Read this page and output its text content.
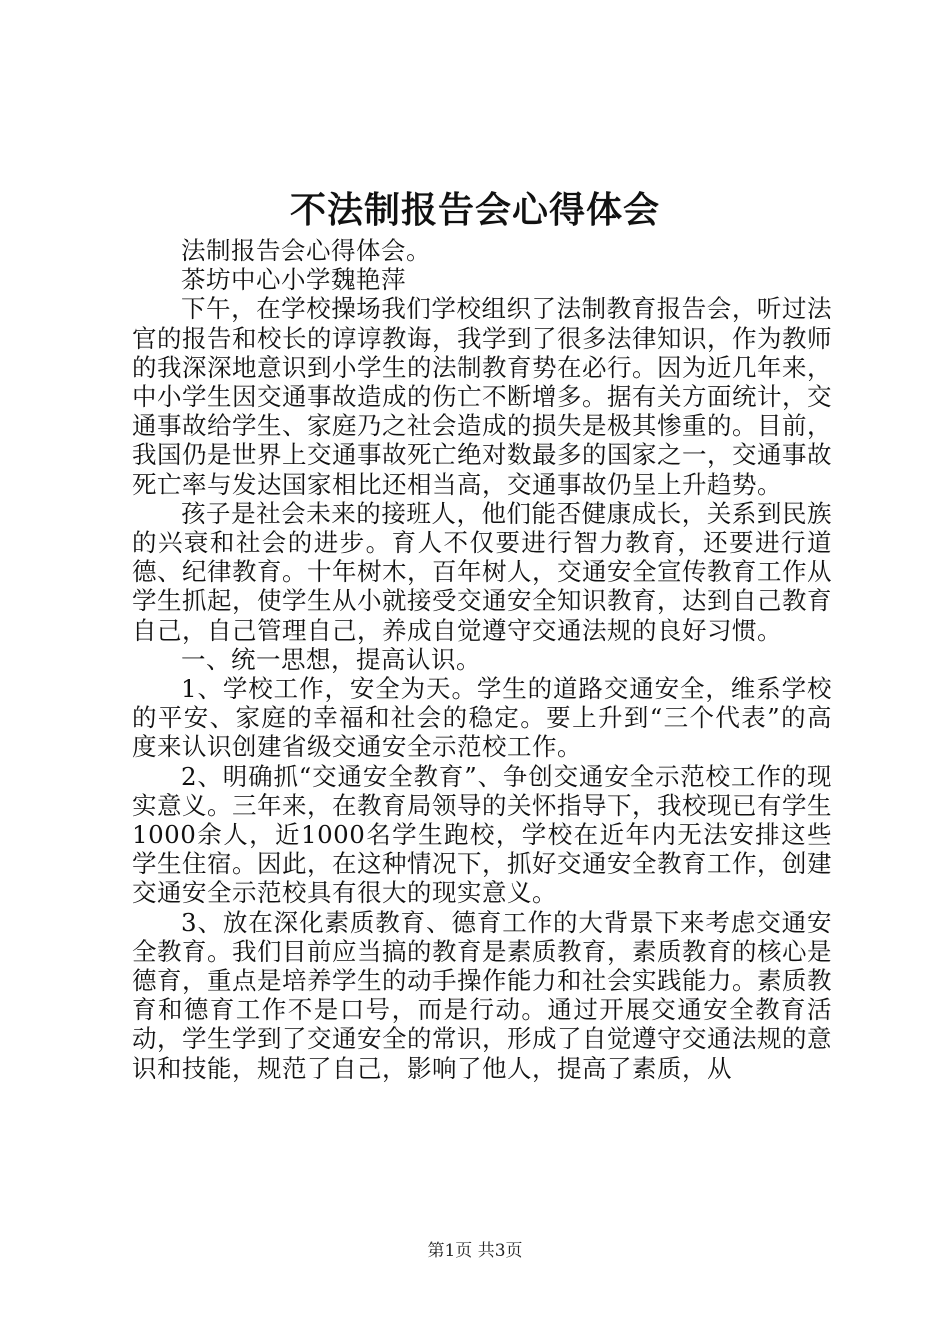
不法制报告会心得体会

法制报告会心得体会。

茶坊中心小学魏艳萍

下午，在学校操场我们学校组织了法制教育报告会，听过法官的报告和校长的谆谆教诲，我学到了很多法律知识，作为教师的我深深地意识到小学生的法制教育势在必行。因为近几年来，中小学生因交通事故造成的伤亡不断增多。据有关方面统计，交通事故给学生、家庭乃之社会造成的损失是极其惨重的。目前，我国仍是世界上交通事故死亡绝对数最多的国家之一，交通事故死亡率与发达国家相比还相当高，交通事故仍呈上升趋势。

孩子是社会未来的接班人，他们能否健康成长，关系到民族的兴衰和社会的进步。育人不仅要进行智力教育，还要进行道德、纪律教育。十年树木，百年树人，交通安全宣传教育工作从学生抓起，使学生从小就接受交通安全知识教育，达到自己教育自己，自己管理自己，养成自觉遵守交通法规的良好习惯。

一、统一思想，提高认识。

1、学校工作，安全为天。学生的道路交通安全，维系学校的平安、家庭的幸福和社会的稳定。要上升到“三个代表”的高度来认识创建省级交通安全示范校工作。

2、明确抓“交通安全教育”、争创交通安全示范校工作的现实意义。三年来，在教育局领导的关怀指导下，我校现已有学生1000余人，近1000名学生跑校，学校在近年内无法安排这些学生住宿。因此，在这种情况下，抓好交通安全教育工作，创建交通安全示范校具有很大的现实意义。

3、放在深化素质教育、德育工作的大背景下来考虑交通安全教育。我们目前应当搞的教育是素质教育，素质教育的核心是德育，重点是培养学生的动手操作能力和社会实践能力。素质教育和德育工作不是口号，而是行动。通过开展交通安全教育活动，学生学到了交通安全的常识，形成了自觉遵守交通法规的意识和技能，规范了自己，影响了他人，提高了素质，从

第1页 共3页
